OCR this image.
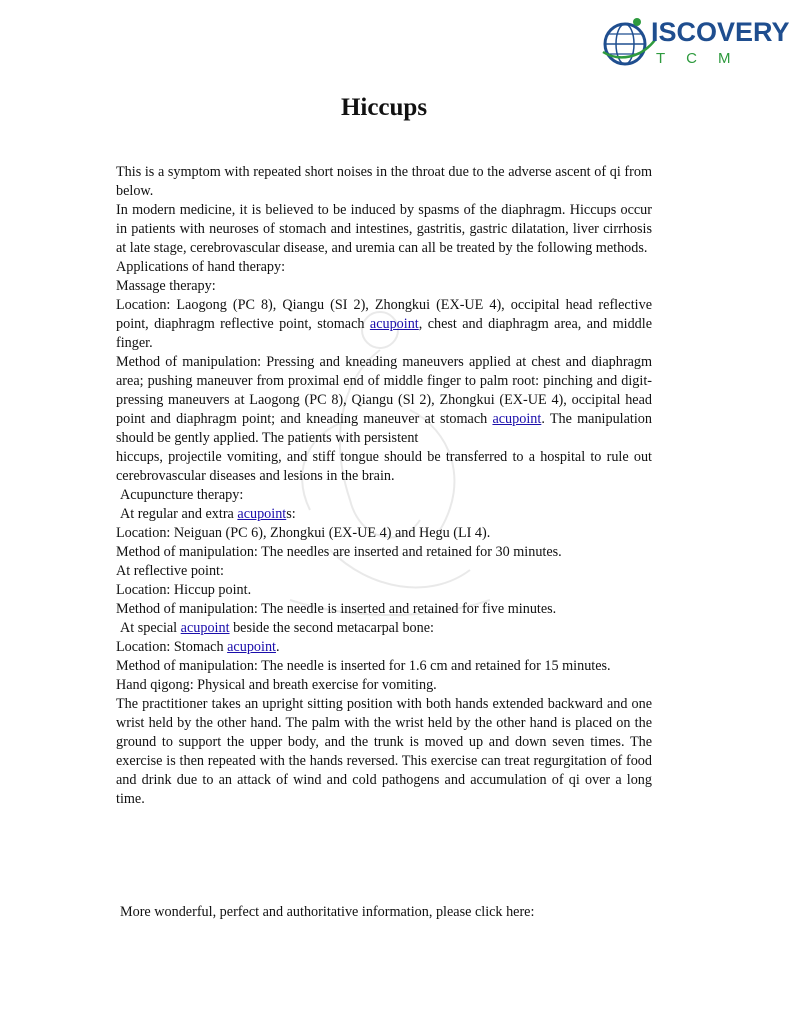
ISCOVERY
TCM
Hiccups

This is a symptom with repeated short noises in the throat due to the adverse ascent of qi from below.

In modern medicine, it is believed to be induced by spasms of the diaphragm. Hiccups occur in patients with neuroses of stomach and intestines, gastritis, gastric dilatation, liver cirrhosis at late stage, cerebrovascular disease, and uremia can all be treated by the following methods.

Applications of hand therapy:

Massage therapy:

Location: Laogong (PC 8), Qiangu (SI 2), Zhongkui (EX-UE 4), occipital head reflective point, diaphragm reflective point, stomach acupoint, chest and diaphragm area, and middle finger.

Method of manipulation: Pressing and kneading maneuvers applied at chest and diaphragm area; pushing maneuver from proximal end of middle finger to palm root: pinching and digit-pressing maneuvers at Laogong (PC 8), Qiangu (Sl 2), Zhongkui (EX-UE 4), occipital head point and diaphragm point; and kneading maneuver at stomach acupoint. The manipulation should be gently applied. The patients with persistent

hiccups, projectile vomiting, and stiff tongue should be transferred to a hospital to rule out cerebrovascular diseases and lesions in the brain.

Acupuncture therapy:

At regular and extra acupoints:

Location: Neiguan (PC 6), Zhongkui (EX-UE 4) and Hegu (LI 4).

Method of manipulation: The needles are inserted and retained for 30 minutes.

At reflective point:

Location: Hiccup point.

Method of manipulation: The needle is inserted and retained for five minutes.

At special acupoint beside the second metacarpal bone:

Location: Stomach acupoint.

Method of manipulation: The needle is inserted for 1.6 cm and retained for 15 minutes.

Hand qigong: Physical and breath exercise for vomiting.

The practitioner takes an upright sitting position with both hands extended backward and one wrist held by the other hand. The palm with the wrist held by the other hand is placed on the ground to support the upper body, and the trunk is moved up and down seven times. The exercise is then repeated with the hands reversed. This exercise can treat regurgitation of food and drink due to an attack of wind and cold pathogens and accumulation of qi over a long time.

More wonderful, perfect and authoritative information, please click here:
